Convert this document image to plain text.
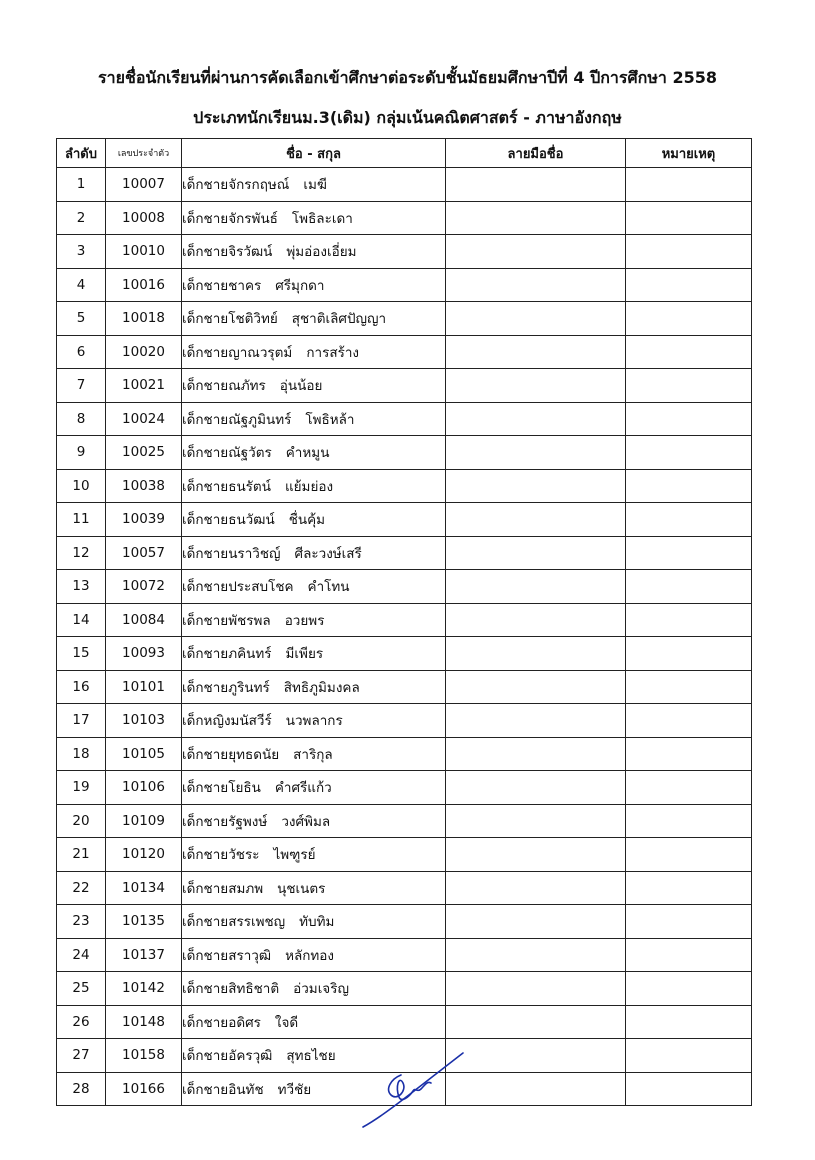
รายชื่อนักเรียนที่ผ่านการคัดเลือกเข้าศึกษาต่อระดับชั้นมัธยมศึกษาปีที่ 4 ปีการศึกษา 2558
ประเภทนักเรียนม.3(เดิม) กลุ่มเน้นคณิตศาสตร์ - ภาษาอังกฤษ
ลำดับ	เลขประจำตัว	ชื่อ - สกุล	ลายมือชื่อ	หมายเหตุ
1	10007	เด็กชายจักรกฤษณ์ เมฆี		
2	10008	เด็กชายจักรพันธ์ โพธิละเดา		
3	10010	เด็กชายจิรวัฒน์ พุ่มอ่องเอี่ยม		
4	10016	เด็กชายชาคร ศรีมุกดา		
5	10018	เด็กชายโชติวิทย์ สุชาติเลิศปัญญา		
6	10020	เด็กชายญาณวรุตม์ การสร้าง		
7	10021	เด็กชายณภัทร อุ่นน้อย		
8	10024	เด็กชายณัฐภูมินทร์ โพธิหล้า		
9	10025	เด็กชายณัฐวัตร คำหมูน		
10	10038	เด็กชายธนรัตน์ แย้มย่อง		
11	10039	เด็กชายธนวัฒน์ ชื่นคุ้ม		
12	10057	เด็กชายนราวิชญ์ ศีละวงษ์เสรี		
13	10072	เด็กชายประสบโชค คำโทน		
14	10084	เด็กชายพัชรพล อวยพร		
15	10093	เด็กชายภคินทร์ มีเพียร		
16	10101	เด็กชายภูรินทร์ สิทธิภูมิมงคล		
17	10103	เด็กหญิงมนัสวีร์ นวพลากร		
18	10105	เด็กชายยุทธดนัย สาริกุล		
19	10106	เด็กชายโยธิน คำศรีแก้ว		
20	10109	เด็กชายรัฐพงษ์ วงศ์พิมล		
21	10120	เด็กชายวัชระ ไพฑูรย์		
22	10134	เด็กชายสมภพ นุชเนตร		
23	10135	เด็กชายสรรเพชญ ทับทิม		
24	10137	เด็กชายสราวุฒิ หลักทอง		
25	10142	เด็กชายสิทธิชาติ อ่วมเจริญ		
26	10148	เด็กชายอดิศร ใจดี		
27	10158	เด็กชายอัครวุฒิ สุทธไชย		
28	10166	เด็กชายอินทัช ทวีชัย		
